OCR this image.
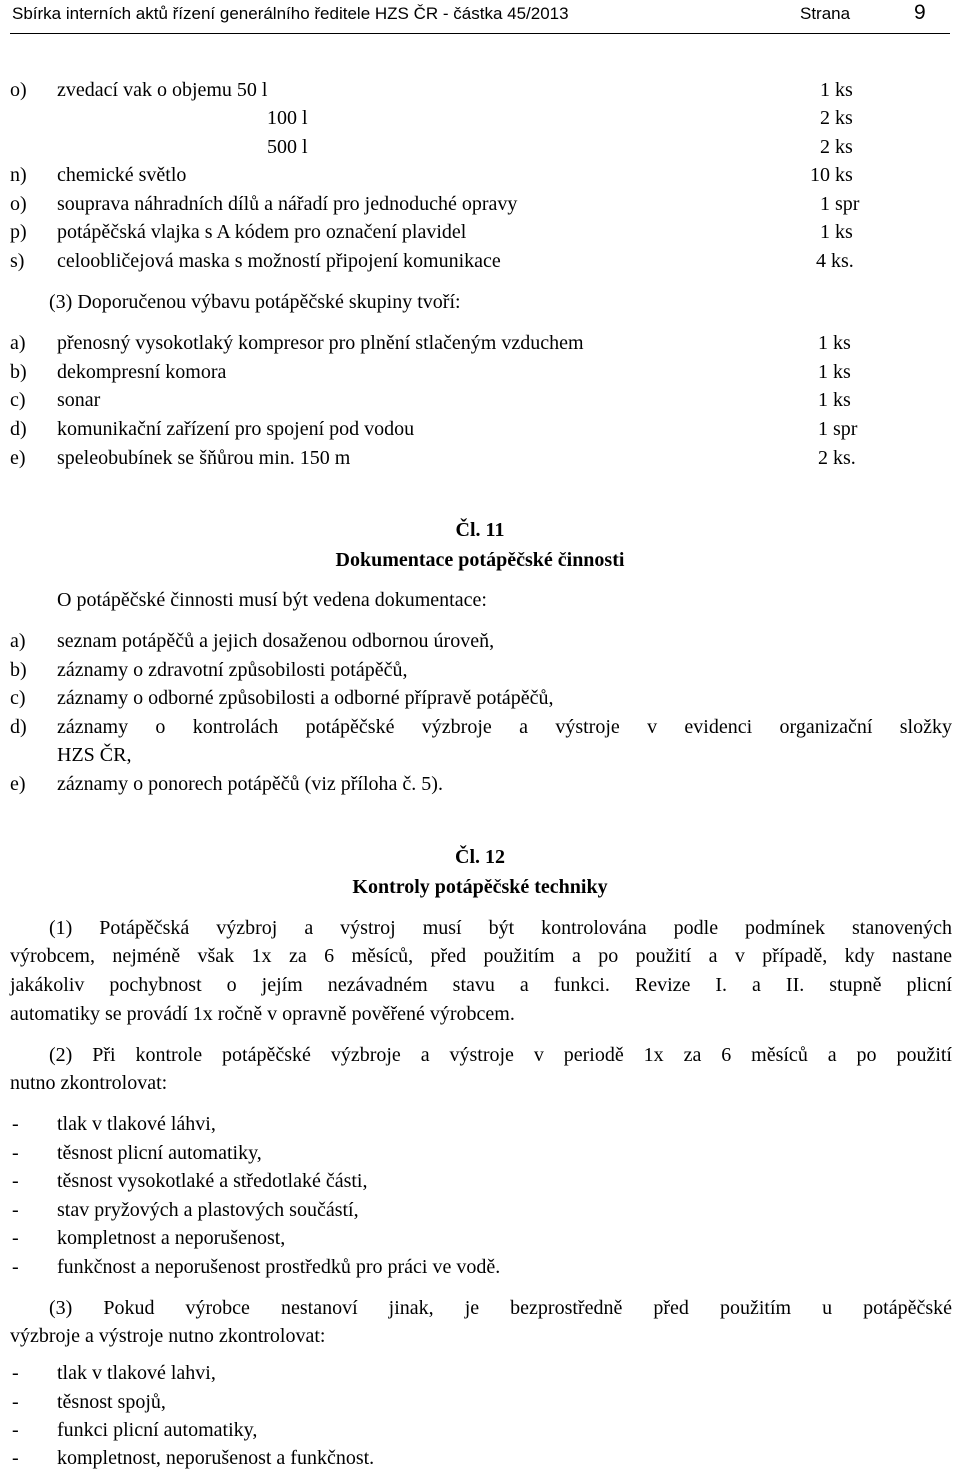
Sbírka interních aktů řízení generálního ředitele HZS ČR - částka 45/2013	Strana	9
o) zvedací vak o objemu 50 l	1 ks
100 l	2 ks
500 l	2 ks
n) chemické světlo	10 ks
o) souprava náhradních dílů a nářadí pro jednoduché opravy	1 spr
p) potápěčská vlajka s A kódem pro označení plavidel	1 ks
s) celoobličejová maska s možností připojení komunikace	4 ks.
(3) Doporučenou výbavu potápěčské skupiny tvoří:
a) přenosný vysokotlaký kompresor pro plnění stlačeným vzduchem	1 ks
b) dekompresní komora	1 ks
c) sonar	1 ks
d) komunikační zařízení pro spojení pod vodou	1 spr
e) speleobubínek se šňůrou min. 150 m	2 ks.
Čl. 11
Dokumentace potápěčské činnosti
O potápěčské činnosti musí být vedena dokumentace:
a) seznam potápěčů a jejich dosaženou odbornou úroveň,
b) záznamy o zdravotní způsobilosti potápěčů,
c) záznamy o odborné způsobilosti a odborné přípravě potápěčů,
d) záznamy o kontrolách potápěčské výzbroje a výstroje v evidenci organizační složky
HZS ČR,
e) záznamy o ponorech potápěčů (viz příloha č. 5).
Čl. 12
Kontroly potápěčské techniky
(1) Potápěčská výzbroj a výstroj musí být kontrolována podle podmínek stanovených
výrobcem, nejméně však 1x za 6 měsíců, před použitím a po použití a v případě, kdy nastane
jakákoliv pochybnost o jejím nezávadném stavu a funkci. Revize I. a II. stupně plicní
automatiky se provádí 1x ročně v opravně pověřené výrobcem.
(2) Při kontrole potápěčské výzbroje a výstroje v periodě 1x za 6 měsíců a po použití
nutno zkontrolovat:
- tlak v tlakové láhvi,
- těsnost plicní automatiky,
- těsnost vysokotlaké a středotlaké části,
- stav pryžových a plastových součástí,
- kompletnost a neporušenost,
- funkčnost a neporušenost prostředků pro práci ve vodě.
(3) Pokud výrobce nestanoví jinak, je bezprostředně před použitím u potápěčské
výzbroje a výstroje nutno zkontrolovat:
- tlak v tlakové lahvi,
- těsnost spojů,
- funkci plicní automatiky,
- kompletnost, neporušenost a funkčnost.
